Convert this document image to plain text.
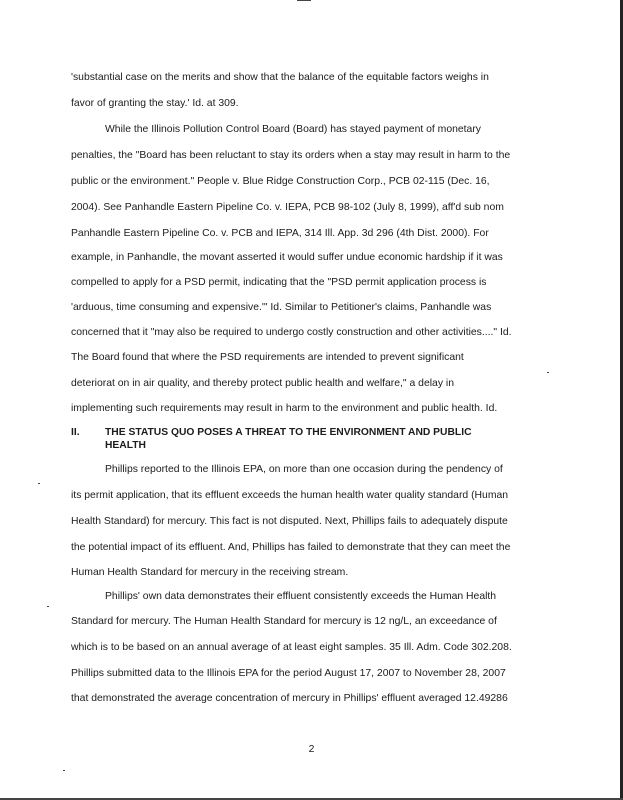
'substantial case on the merits and show that the balance of the equitable factors weighs in
favor of granting the stay.' Id. at 309.
While the Illinois Pollution Control Board (Board) has stayed payment of monetary
penalties, the "Board has been reluctant to stay its orders when a stay may result in harm to the
public or the environment." People v. Blue Ridge Construction Corp., PCB 02-115 (Dec. 16,
2004). See Panhandle Eastern Pipeline Co. v. IEPA, PCB 98-102 (July 8, 1999), aff'd sub nom
Panhandle Eastern Pipeline Co. v. PCB and IEPA, 314 Ill. App. 3d 296 (4th Dist. 2000). For
example, in Panhandle, the movant asserted it would suffer undue economic hardship if it was
compelled to apply for a PSD permit, indicating that the "PSD permit application process is
'arduous, time consuming and expensive.'" Id. Similar to Petitioner's claims, Panhandle was
concerned that it "may also be required to undergo costly construction and other activities...." Id.
The Board found that where the PSD requirements are intended to prevent significant
deteriorat on in air quality, and thereby protect public health and welfare," a delay in
implementing such requirements may result in harm to the environment and public health. Id.
II. THE STATUS QUO POSES A THREAT TO THE ENVIRONMENT AND PUBLIC
HEALTH
Phillips reported to the Illinois EPA, on more than one occasion during the pendency of
its permit application, that its effluent exceeds the human health water quality standard (Human
Health Standard) for mercury. This fact is not disputed. Next, Phillips fails to adequately dispute
the potential impact of its effluent. And, Phillips has failed to demonstrate that they can meet the
Human Health Standard for mercury in the receiving stream.
Phillips' own data demonstrates their effluent consistently exceeds the Human Health
Standard for mercury. The Human Health Standard for mercury is 12 ng/L, an exceedance of
which is to be based on an annual average of at least eight samples. 35 Ill. Adm. Code 302.208.
Phillips submitted data to the Illinois EPA for the period August 17, 2007 to November 28, 2007
that demonstrated the average concentration of mercury in Phillips' effluent averaged 12.49286
2
